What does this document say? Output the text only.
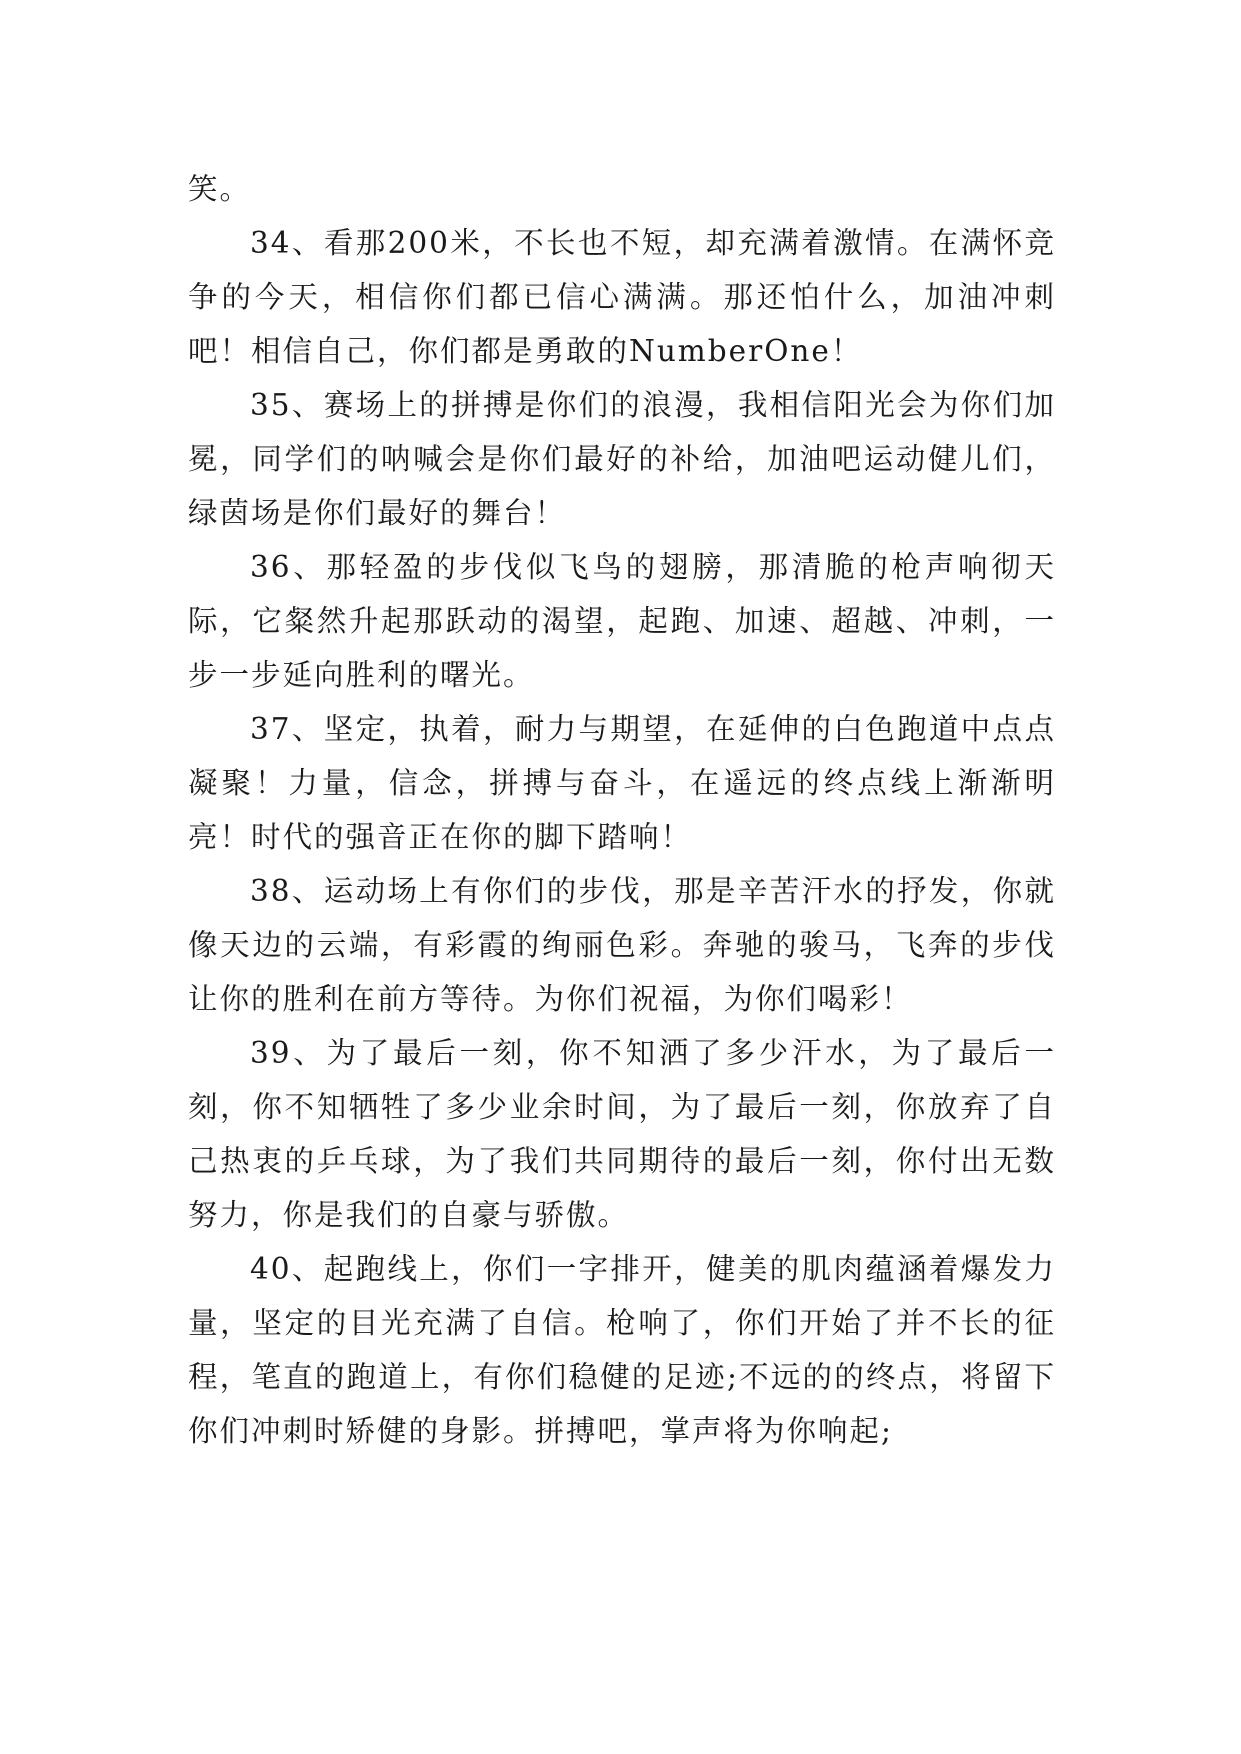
笑。

34、看那200米，不长也不短，却充满着激情。在满怀竞争的今天，相信你们都已信心满满。那还怕什么，加油冲刺吧！相信自己，你们都是勇敢的NumberOne！

35、赛场上的拼搏是你们的浪漫，我相信阳光会为你们加冕，同学们的呐喊会是你们最好的补给，加油吧运动健儿们，绿茵场是你们最好的舞台！

36、那轻盈的步伐似飞鸟的翅膀，那清脆的枪声响彻天际，它粲然升起那跃动的渴望，起跑、加速、超越、冲刺，一步一步延向胜利的曙光。

37、坚定，执着，耐力与期望，在延伸的白色跑道中点点凝聚！力量，信念，拼搏与奋斗，在遥远的终点线上渐渐明亮！时代的强音正在你的脚下踏响！

38、运动场上有你们的步伐，那是辛苦汗水的抒发，你就像天边的云端，有彩霞的绚丽色彩。奔驰的骏马，飞奔的步伐让你的胜利在前方等待。为你们祝福，为你们喝彩！

39、为了最后一刻，你不知洒了多少汗水，为了最后一刻，你不知牺牲了多少业余时间，为了最后一刻，你放弃了自己热衷的乒乓球，为了我们共同期待的最后一刻，你付出无数努力，你是我们的自豪与骄傲。

40、起跑线上，你们一字排开，健美的肌肉蕴涵着爆发力量，坚定的目光充满了自信。枪响了，你们开始了并不长的征程，笔直的跑道上，有你们稳健的足迹;不远的的终点，将留下你们冲刺时矫健的身影。拼搏吧，掌声将为你响起;
